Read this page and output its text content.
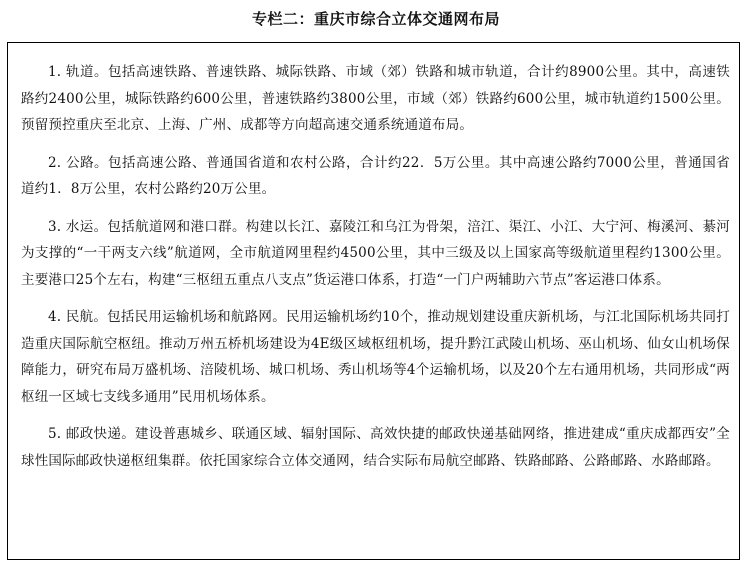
专栏二：重庆市综合立体交通网布局

1. 轨道。包括高速铁路、普速铁路、城际铁路、市域（郊）铁路和城市轨道，合计约8900公里。其中，高速铁路约2400公里，城际铁路约600公里，普速铁路约3800公里，市域（郊）铁路约600公里，城市轨道约1500公里。预留预控重庆至北京、上海、广州、成都等方向超高速交通系统通道布局。

2. 公路。包括高速公路、普通国省道和农村公路，合计约22．5万公里。其中高速公路约7000公里，普通国省道约1．8万公里，农村公路约20万公里。

3. 水运。包括航道网和港口群。构建以长江、嘉陵江和乌江为骨架，涪江、渠江、小江、大宁河、梅溪河、綦河为支撑的“一干两支六线”航道网，全市航道网里程约4500公里，其中三级及以上国家高等级航道里程约1300公里。主要港口25个左右，构建“三枢纽五重点八支点”货运港口体系，打造“一门户两辅助六节点”客运港口体系。

4. 民航。包括民用运输机场和航路网。民用运输机场约10个，推动规划建设重庆新机场，与江北国际机场共同打造重庆国际航空枢纽。推动万州五桥机场建设为4E级区域枢纽机场，提升黔江武陵山机场、巫山机场、仙女山机场保障能力，研究布局万盛机场、涪陵机场、城口机场、秀山机场等4个运输机场，以及20个左右通用机场，共同形成“两枢纽一区域七支线多通用”民用机场体系。

5. 邮政快递。建设普惠城乡、联通区域、辐射国际、高效快捷的邮政快递基础网络，推进建成“重庆成都西安”全球性国际邮政快递枢纽集群。依托国家综合立体交通网，结合实际布局航空邮路、铁路邮路、公路邮路、水路邮路。
